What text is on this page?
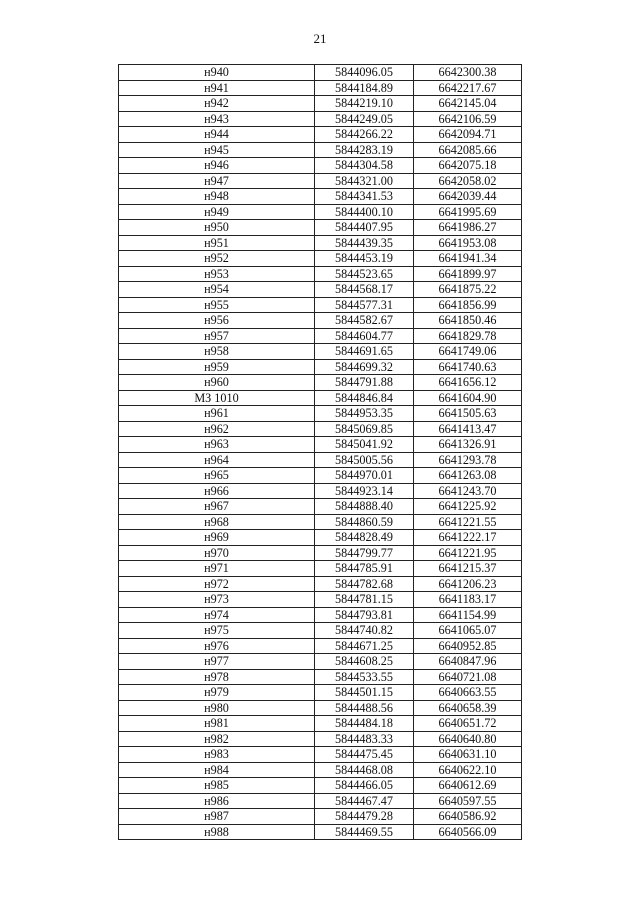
21
н940	5844096.05	6642300.38
н941	5844184.89	6642217.67
н942	5844219.10	6642145.04
н943	5844249.05	6642106.59
н944	5844266.22	6642094.71
н945	5844283.19	6642085.66
н946	5844304.58	6642075.18
н947	5844321.00	6642058.02
н948	5844341.53	6642039.44
н949	5844400.10	6641995.69
н950	5844407.95	6641986.27
н951	5844439.35	6641953.08
н952	5844453.19	6641941.34
н953	5844523.65	6641899.97
н954	5844568.17	6641875.22
н955	5844577.31	6641856.99
н956	5844582.67	6641850.46
н957	5844604.77	6641829.78
н958	5844691.65	6641749.06
н959	5844699.32	6641740.63
н960	5844791.88	6641656.12
МЗ 1010	5844846.84	6641604.90
н961	5844953.35	6641505.63
н962	5845069.85	6641413.47
н963	5845041.92	6641326.91
н964	5845005.56	6641293.78
н965	5844970.01	6641263.08
н966	5844923.14	6641243.70
н967	5844888.40	6641225.92
н968	5844860.59	6641221.55
н969	5844828.49	6641222.17
н970	5844799.77	6641221.95
н971	5844785.91	6641215.37
н972	5844782.68	6641206.23
н973	5844781.15	6641183.17
н974	5844793.81	6641154.99
н975	5844740.82	6641065.07
н976	5844671.25	6640952.85
н977	5844608.25	6640847.96
н978	5844533.55	6640721.08
н979	5844501.15	6640663.55
н980	5844488.56	6640658.39
н981	5844484.18	6640651.72
н982	5844483.33	6640640.80
н983	5844475.45	6640631.10
н984	5844468.08	6640622.10
н985	5844466.05	6640612.69
н986	5844467.47	6640597.55
н987	5844479.28	6640586.92
н988	5844469.55	6640566.09
